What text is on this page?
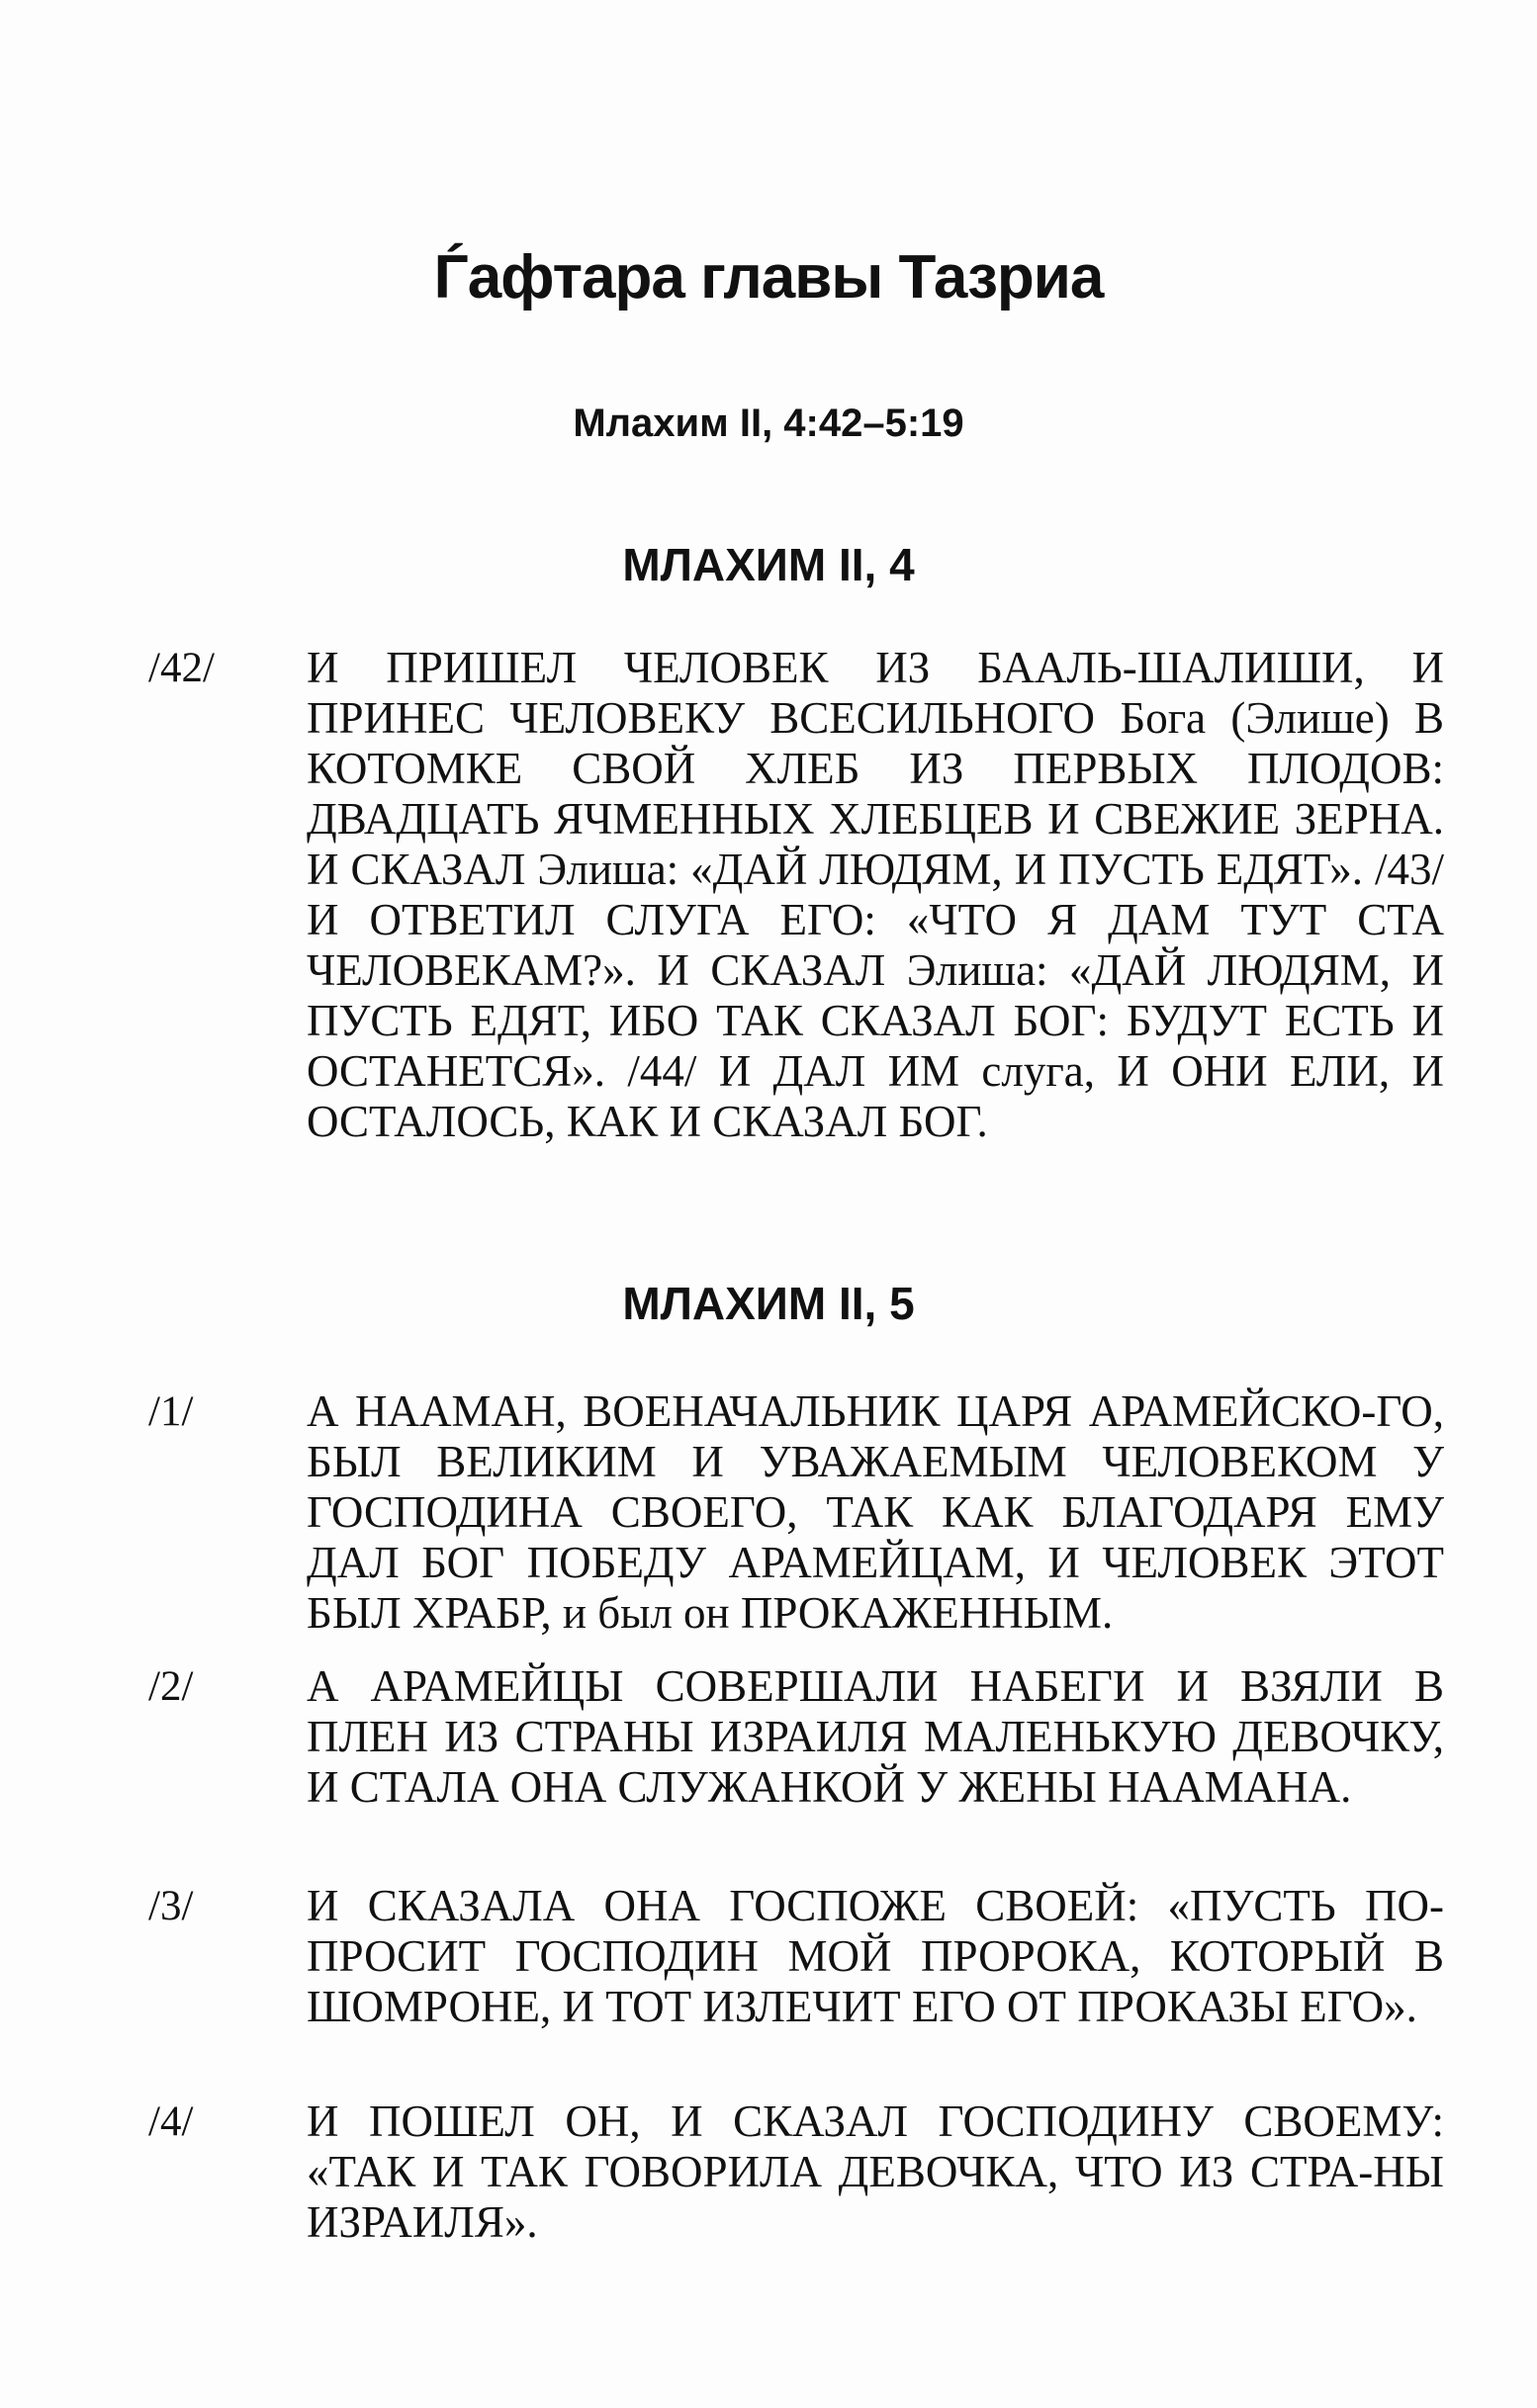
Ѓафтара главы Тазриа
Млахим II, 4:42–5:19
МЛАХИМ II, 4
/42/	И ПРИШЕЛ ЧЕЛОВЕК ИЗ БААЛЬ-ШАЛИШИ, И ПРИНЕС ЧЕЛОВЕКУ ВСЕСИЛЬНОГО Бога (Элише) В КОТОМКЕ СВОЙ ХЛЕБ ИЗ ПЕРВЫХ ПЛОДОВ: ДВАДЦАТЬ ЯЧМЕННЫХ ХЛЕБЦЕВ И СВЕЖИЕ ЗЕРНА. И СКАЗАЛ Элиша: «ДАЙ ЛЮДЯМ, И ПУСТЬ ЕДЯТ». /43/ И ОТВЕТИЛ СЛУГА ЕГО: «ЧТО Я ДАМ ТУТ СТА ЧЕЛОВЕКАМ?». И СКАЗАЛ Элиша: «ДАЙ ЛЮДЯМ, И ПУСТЬ ЕДЯТ, ИБО ТАК СКАЗАЛ БОГ: БУДУТ ЕСТЬ И ОСТАНЕТСЯ». /44/ И ДАЛ ИМ слуга, И ОНИ ЕЛИ, И ОСТАЛОСЬ, КАК И СКАЗАЛ БОГ.
МЛАХИМ II, 5
/1/	А НААМАН, ВОЕНАЧАЛЬНИК ЦАРЯ АРАМЕЙСКО-ГО, БЫЛ ВЕЛИКИМ И УВАЖАЕМЫМ ЧЕЛОВЕКОМ У ГОСПОДИНА СВОЕГО, ТАК КАК БЛАГОДАРЯ ЕМУ ДАЛ БОГ ПОБЕДУ АРАМЕЙЦАМ, И ЧЕЛОВЕК ЭТОТ БЫЛ ХРАБР, и был он ПРОКАЖЕННЫМ.
/2/	А АРАМЕЙЦЫ СОВЕРШАЛИ НАБЕГИ И ВЗЯЛИ В ПЛЕН ИЗ СТРАНЫ ИЗРАИЛЯ МАЛЕНЬКУЮ ДЕВОЧКУ, И СТАЛА ОНА СЛУЖАНКОЙ У ЖЕНЫ НААМАНА.
/3/	И СКАЗАЛА ОНА ГОСПОЖЕ СВОЕЙ: «ПУСТЬ ПО-ПРОСИТ ГОСПОДИН МОЙ ПРОРОКА, КОТОРЫЙ В ШОМРОНЕ, И ТОТ ИЗЛЕЧИТ ЕГО ОТ ПРОКАЗЫ ЕГО».
/4/	И ПОШЕЛ ОН, И СКАЗАЛ ГОСПОДИНУ СВОЕМУ: «ТАК И ТАК ГОВОРИЛА ДЕВОЧКА, ЧТО ИЗ СТРА-НЫ ИЗРАИЛЯ».
